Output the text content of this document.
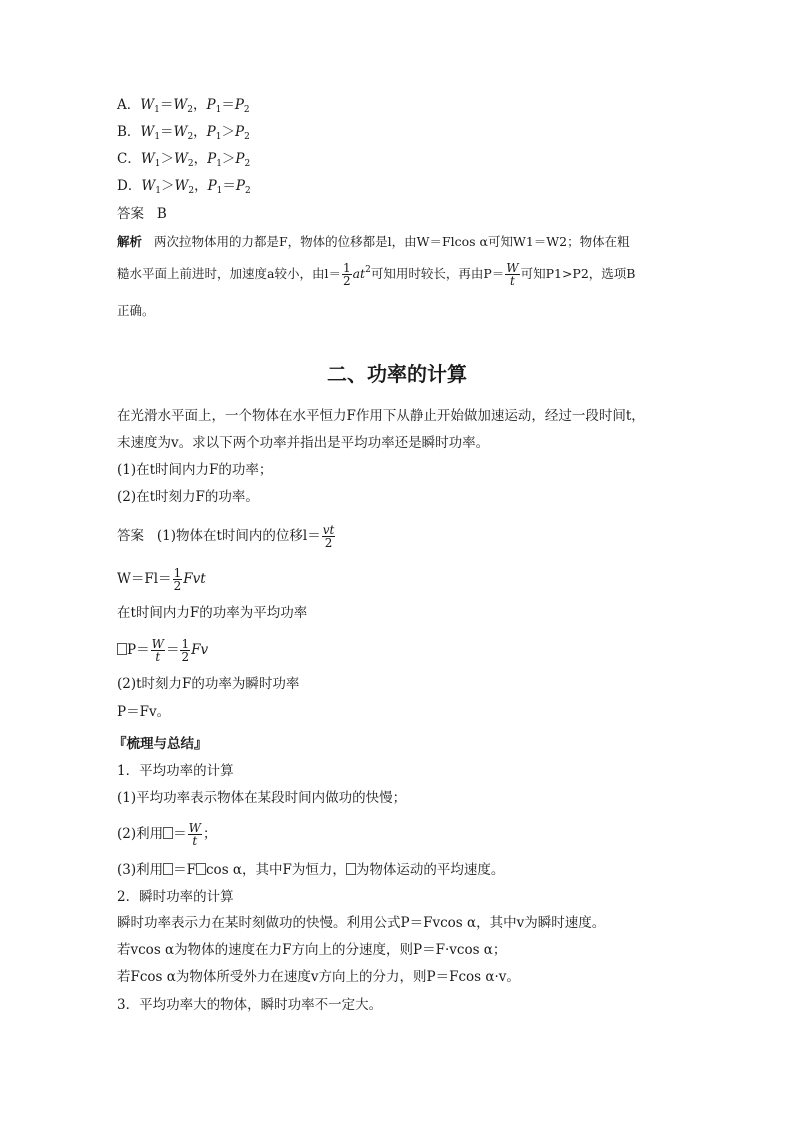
A．$W_1=W_2$，$P_1=P_2$
B．$W_1=W_2$，$P_1>P_2$
C．$W_1>W_2$，$P_1>P_2$
D．$W_1>W_2$，$P_1=P_2$
答案 B
解析 两次拉物体用的力都是F，物体的位移都是l，由W＝Flcos α可知W1＝W2；物体在粗
糙水平面上前进时，加速度a较小，由$l= \frac{1}{2} at^2$可知用时较长，再由$P= \frac{W}{t}$ 可知P1>P2，选项B
正确。
二、功率的计算
在光滑水平面上，一个物体在水平恒力F作用下从静止开始做加速运动，经过一段时间t，
末速度为v。求以下两个功率并指出是平均功率还是瞬时功率。
(1)在t时间内力F的功率；
(2)在t时刻力F的功率。
答案 (1)物体在t时间内的位移$l= \frac{vt}{2}$
$W=Fl= \frac{1}{2}$ Fvt
在t时间内力F的功率为平均功率
$P= \frac{W}{t} = \frac{1}{2}$ Fv
(2)t时刻力F的功率为瞬时功率
P＝Fv。
『梳理与总结』
1．平均功率的计算
(1)平均功率表示物体在某段时间内做功的快慢；
(2)利用 ＝ $\frac{W}{t}$ ；
(3)利用 ＝F cos α，其中F为恒力， 为物体运动的平均速度。
2．瞬时功率的计算
瞬时功率表示力在某时刻做功的快慢。利用公式P＝Fvcos α，其中v为瞬时速度。
若vcos α为物体的速度在力F方向上的分速度，则P＝F·vcos α；
若Fcos α为物体所受外力在速度v方向上的分力，则P＝Fcos α·v。
3．平均功率大的物体，瞬时功率不一定大。
